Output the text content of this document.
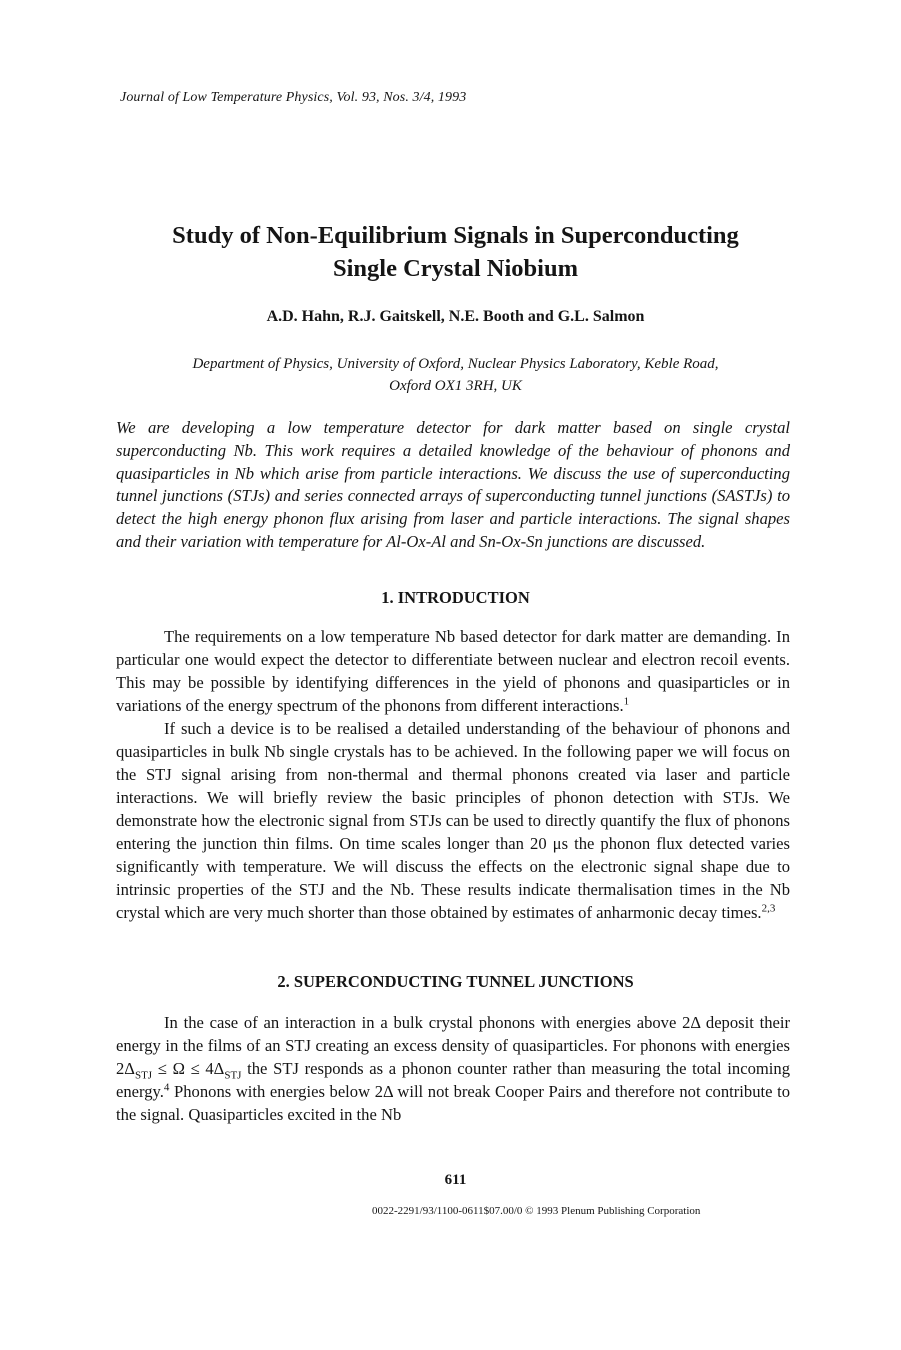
Journal of Low Temperature Physics, Vol. 93, Nos. 3/4, 1993
Study of Non-Equilibrium Signals in Superconducting
Single Crystal Niobium
A.D. Hahn, R.J. Gaitskell, N.E. Booth and G.L. Salmon
Department of Physics, University of Oxford, Nuclear Physics Laboratory, Keble Road,
Oxford OX1 3RH, UK
We are developing a low temperature detector for dark matter based on single crystal superconducting Nb. This work requires a detailed knowledge of the behaviour of phonons and quasiparticles in Nb which arise from particle interactions. We discuss the use of superconducting tunnel junctions (STJs) and series connected arrays of superconducting tunnel junctions (SASTJs) to detect the high energy phonon flux arising from laser and particle interactions. The signal shapes and their variation with temperature for Al-Ox-Al and Sn-Ox-Sn junctions are discussed.
1. INTRODUCTION

The requirements on a low temperature Nb based detector for dark matter are demanding. In particular one would expect the detector to differentiate between nuclear and electron recoil events. This may be possible by identifying differences in the yield of phonons and quasiparticles or in variations of the energy spectrum of the phonons from different interactions.$^1$

If such a device is to be realised a detailed understanding of the behaviour of phonons and quasiparticles in bulk Nb single crystals has to be achieved. In the following paper we will focus on the STJ signal arising from non-thermal and thermal phonons created via laser and particle interactions. We will briefly review the basic principles of phonon detection with STJs. We demonstrate how the electronic signal from STJs can be used to directly quantify the flux of phonons entering the junction thin films. On time scales longer than 20 μs the phonon flux detected varies significantly with temperature. We will discuss the effects on the electronic signal shape due to intrinsic properties of the STJ and the Nb. These results indicate thermalisation times in the Nb crystal which are very much shorter than those obtained by estimates of anharmonic decay times.$^{2,3}$

2. SUPERCONDUCTING TUNNEL JUNCTIONS

In the case of an interaction in a bulk crystal phonons with energies above 2Δ deposit their energy in the films of an STJ creating an excess density of quasiparticles. For phonons with energies $2\Delta_{STJ} \le \Omega \le 4\Delta_{STJ}$ the STJ responds as a phonon counter rather than measuring the total incoming energy.$^4$ Phonons with energies below 2Δ will not break Cooper Pairs and therefore not contribute to the signal. Quasiparticles excited in the Nb

611
0022-2291/93/1100-0611$07.00/0 © 1993 Plenum Publishing Corporation
